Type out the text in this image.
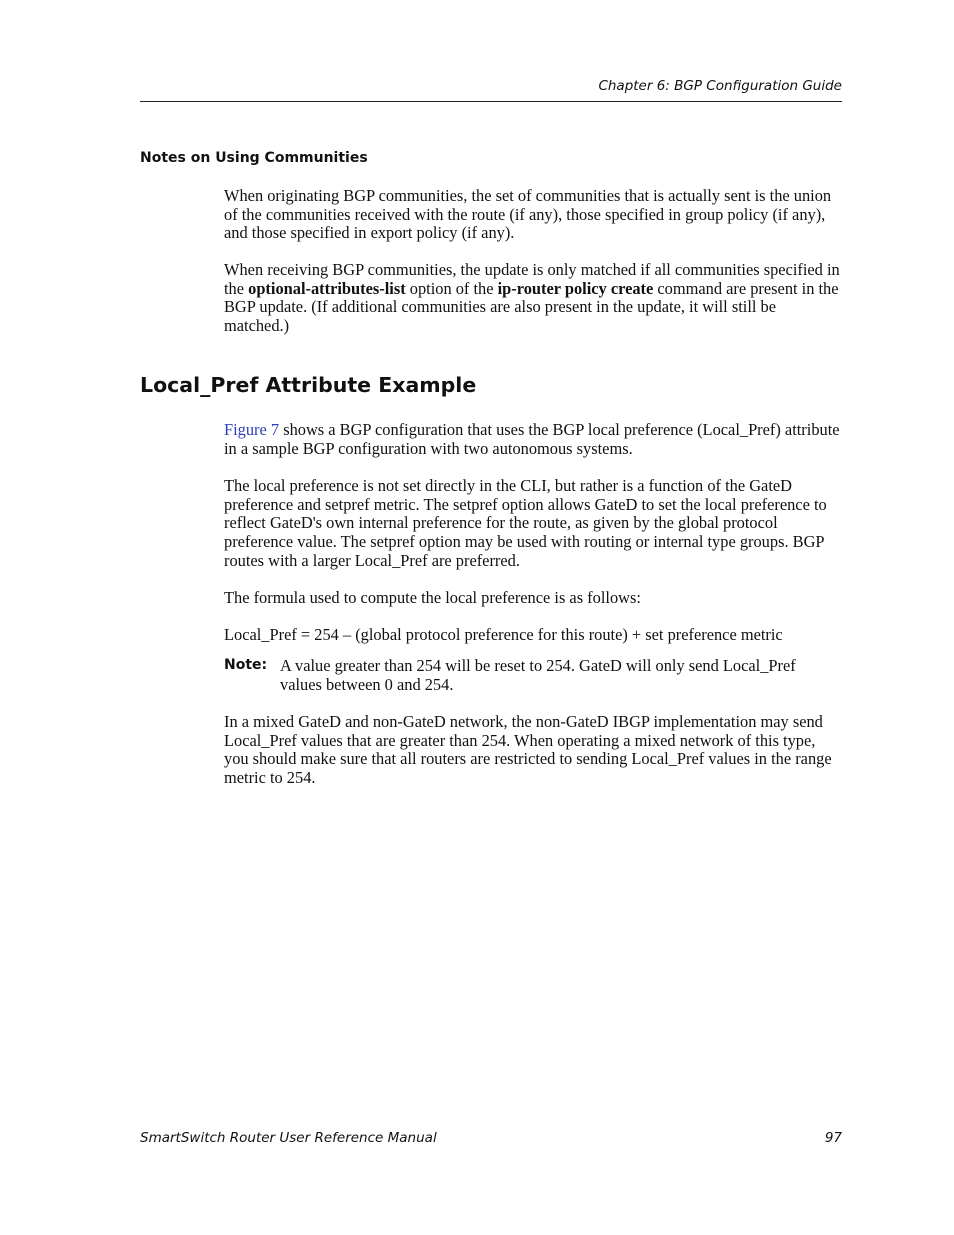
Chapter 6: BGP Configuration Guide
Notes on Using Communities

When originating BGP communities, the set of communities that is actually sent is the union of the communities received with the route (if any), those specified in group policy (if any), and those specified in export policy (if any).

When receiving BGP communities, the update is only matched if all communities specified in the optional-attributes-list option of the ip-router policy create command are present in the BGP update. (If additional communities are also present in the update, it will still be matched.)

Local_Pref Attribute Example

Figure 7 shows a BGP configuration that uses the BGP local preference (Local_Pref) attribute in a sample BGP configuration with two autonomous systems.

The local preference is not set directly in the CLI, but rather is a function of the GateD preference and setpref metric. The setpref option allows GateD to set the local preference to reflect GateD's own internal preference for the route, as given by the global protocol preference value. The setpref option may be used with routing or internal type groups. BGP routes with a larger Local_Pref are preferred.

The formula used to compute the local preference is as follows:

Local_Pref = 254 – (global protocol preference for this route) + set preference metric

Note: A value greater than 254 will be reset to 254. GateD will only send Local_Pref values between 0 and 254.

In a mixed GateD and non-GateD network, the non-GateD IBGP implementation may send Local_Pref values that are greater than 254. When operating a mixed network of this type, you should make sure that all routers are restricted to sending Local_Pref values in the range metric to 254.

SmartSwitch Router User Reference Manual	97
